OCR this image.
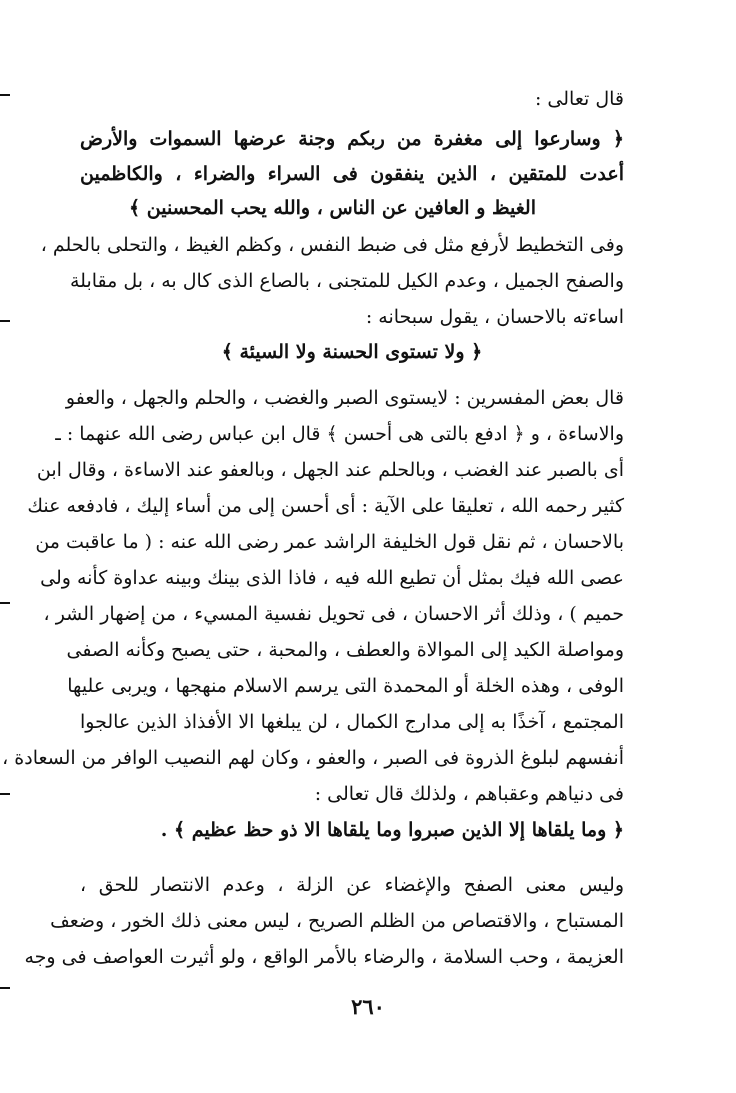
قال تعالى :
﴿ وسارعوا إلى مغفرة من ربكم وجنة عرضها السموات والأرض
أعدت للمتقين ، الذين ينفقون فى السراء والضراء ، والكاظمين
الغيظ و العافين عن الناس ، والله يحب المحسنين ﴾
وفى التخطيط لأرفع مثل فى ضبط النفس ، وكظم الغيظ ، والتحلى بالحلم ،
والصفح الجميل ، وعدم الكيل للمتجنى ، بالصاع الذى كال به ، بل مقابلة
اساءته بالاحسان ، يقول سبحانه :
﴿ ولا تستوى الحسنة ولا السيئة ﴾
قال بعض المفسرين : لايستوى الصبر والغضب ، والحلم والجهل ، والعفو
والاساءة ، و ﴿ ادفع بالتى هى أحسن ﴾ قال ابن عباس رضى الله عنهما : ـ
أى بالصبر عند الغضب ، وبالحلم عند الجهل ، وبالعفو عند الاساءة ، وقال ابن
كثير رحمه الله ، تعليقا على الآية : أى أحسن إلى من أساء إليك ، فادفعه عنك
بالاحسان ، ثم نقل قول الخليفة الراشد عمر رضى الله عنه : ( ما عاقبت من
عصى الله فيك بمثل أن تطيع الله فيه ، فاذا الذى بينك وبينه عداوة كأنه ولى
حميم ) ، وذلك أثر الاحسان ، فى تحويل نفسية المسيء ، من إضهار الشر ،
ومواصلة الكيد إلى الموالاة والعطف ، والمحبة ، حتى يصبح وكأنه الصفى
الوفى ، وهذه الخلة أو المحمدة التى يرسم الاسلام منهجها ، ويربى عليها
المجتمع ، آخذًا به إلى مدارج الكمال ، لن يبلغها الا الأفذاذ الذين عالجوا
أنفسهم لبلوغ الذروة فى الصبر ، والعفو ، وكان لهم النصيب الوافر من السعادة ،
فى دنياهم وعقباهم ، ولذلك قال تعالى :
﴿ وما يلقاها إلا الذين صبروا وما يلقاها الا ذو حظ عظيم ﴾ .
وليس معنى الصفح والإغضاء عن الزلة ، وعدم الانتصار للحق ،
المستباح ، والاقتصاص من الظلم الصريح ، ليس معنى ذلك الخور ، وضعف
العزيمة ، وحب السلامة ، والرضاء بالأمر الواقع ، ولو أثيرت العواصف فى وجه
٢٦٠
